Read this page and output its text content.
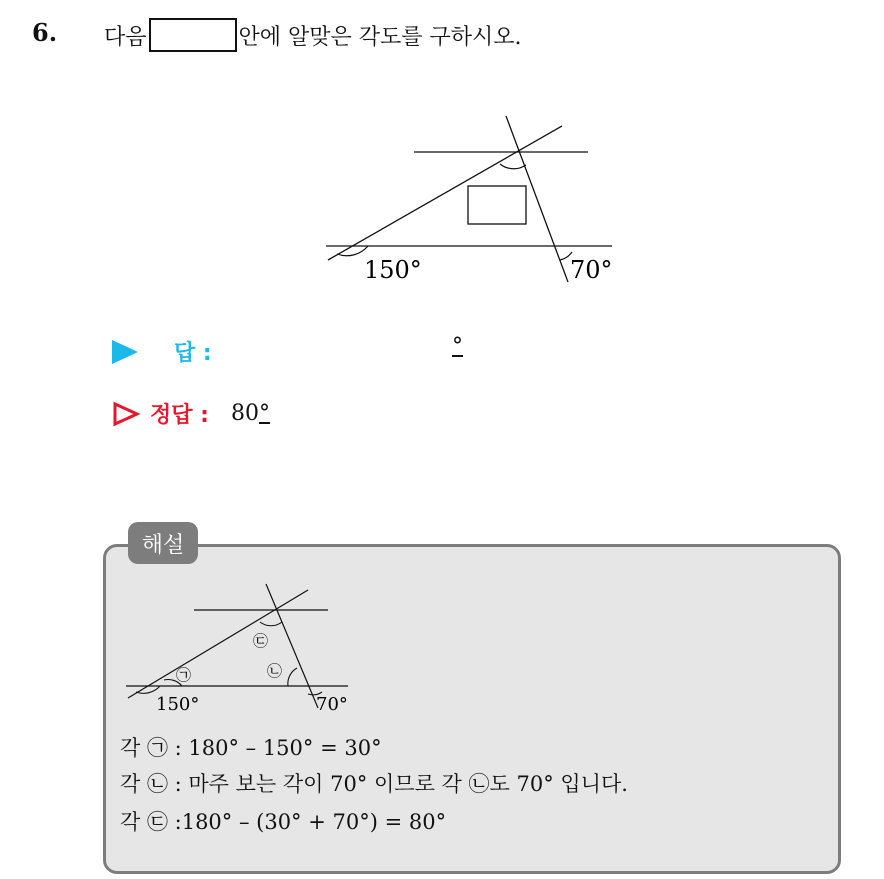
6. 다음	안에 알맞은 각도를 구하시오.
150°	70°
답 :	°
정답 : 80°
해설
㉢
㉠	㉡
150°	70°
각 ㉠ : 180° – 150° = 30°
각 ㉡ : 마주 보는 각이 70° 이므로 각 ㉡도 70° 입니다.
각 ㉢ :180° – (30° + 70°) = 80°
